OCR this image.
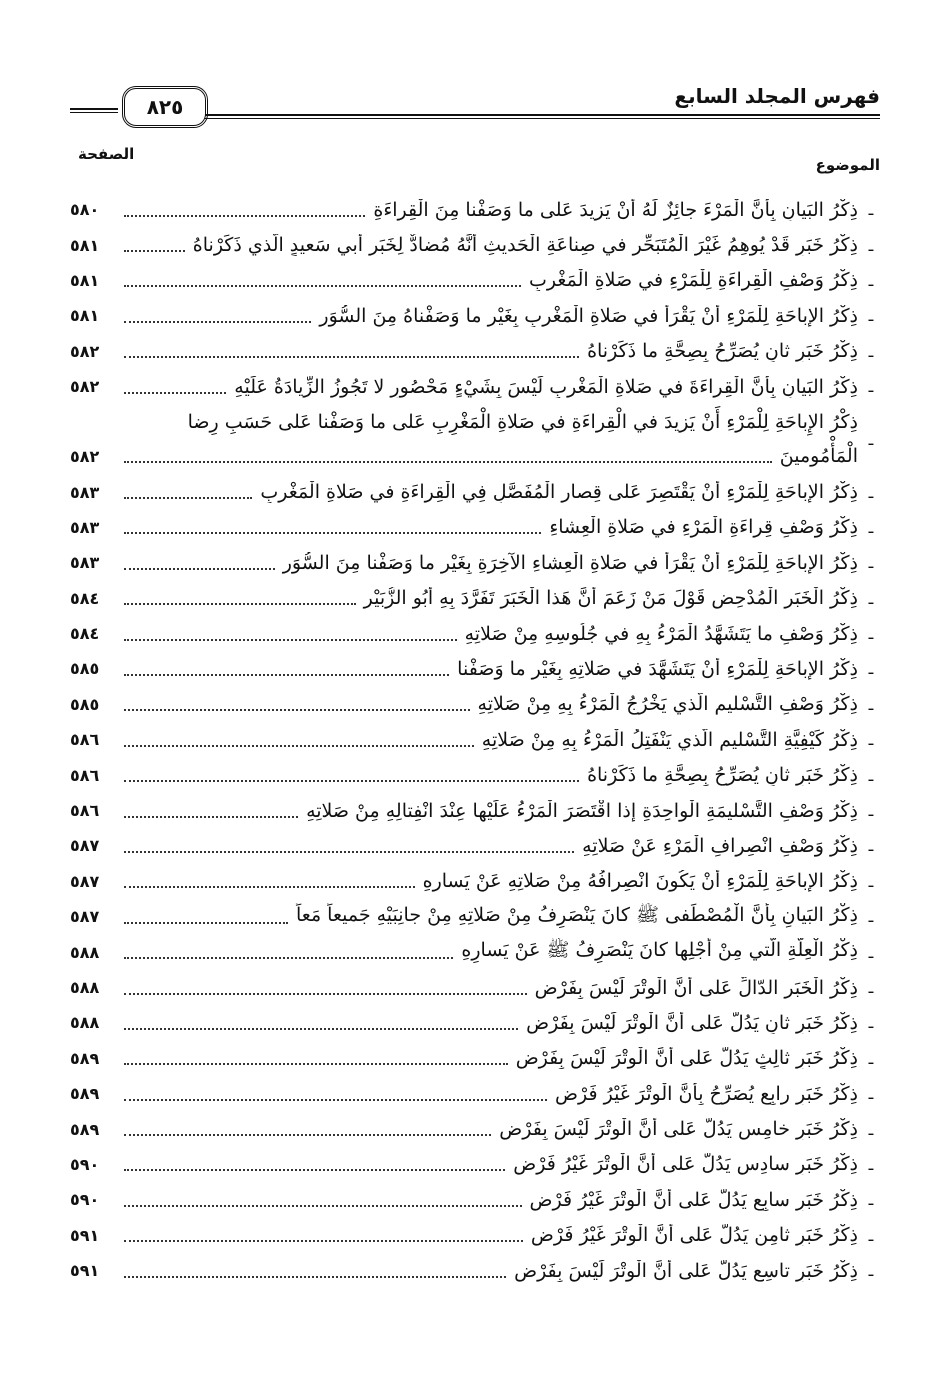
فهرس المجلد السابع
٨٢٥
الموضوع
الصفحة
ـ
ذِكْرُ البَيانِ بِأَنَّ الْمَرْءَ جائِزٌ لَهُ أَنْ يَزيدَ عَلى ما وَصَفْنا مِنَ الْقِراءَةِ
٥٨٠
ـ
ذِكْرُ خَبَرٍ قَدْ يُوهِمُ غَيْرَ الْمُتَبَحِّرِ في صِناعَةِ الْحَديثِ أَنَّهُ مُضادٌّ لِخَبَرِ أَبي سَعيدٍ الَّذي ذَكَرْناهُ
٥٨١
ـ
ذِكْرُ وَصْفِ الْقِراءَةِ لِلْمَرْءِ في صَلاةِ الْمَغْرِبِ
٥٨١
ـ
ذِكْرُ الإِباحَةِ لِلْمَرْءِ أَنْ يَقْرَأَ في صَلاةِ الْمَغْرِبِ بِغَيْرِ ما وَصَفْناهُ مِنَ السُّوَرِ
٥٨١
ـ
ذِكْرُ خَبَرٍ ثانٍ يُصَرِّحُ بِصِحَّةِ ما ذَكَرْناهُ
٥٨٢
ـ
ذِكْرُ البَيانِ بِأَنَّ الْقِراءَةَ في صَلاةِ الْمَغْرِبِ لَيْسَ بِشَيْءٍ مَحْصُورٍ لا تَجُوزُ الزِّيادَةُ عَلَيْهِ
٥٨٢
ـ
ذِكْرُ الإِباحَةِ لِلْمَرْءِ أَنْ يَزيدَ في الْقِراءَةِ في صَلاةِ الْمَغْرِبِ عَلى ما وَصَفْنا عَلى حَسَبِ رِضا
الْمَأْمُومينَ
٥٨٢
ـ
ذِكْرُ الإِباحَةِ لِلْمَرْءِ أَنْ يَقْتَصِرَ عَلى قِصارِ الْمُفَصَّلِ فِي الْقِراءَةِ في صَلاةِ الْمَغْرِبِ
٥٨٣
ـ
ذِكْرُ وَصْفِ قِراءَةِ الْمَرْءِ في صَلاةِ الْعِشاءِ
٥٨٣
ـ
ذِكْرُ الإِباحَةِ لِلْمَرْءِ أَنْ يَقْرَأَ في صَلاةِ الْعِشاءِ الآخِرَةِ بِغَيْرِ ما وَصَفْنا مِنَ السُّوَرِ
٥٨٣
ـ
ذِكْرُ الْخَبَرِ الْمُدْحِضِ قَوْلَ مَنْ زَعَمَ أَنَّ هَذا الْخَبَرَ تَفَرَّدَ بِهِ أَبُو الزُّبَيْرِ
٥٨٤
ـ
ذِكْرُ وَصْفِ ما يَتَشَهَّدُ الْمَرْءُ بِهِ في جُلُوسِهِ مِنْ صَلاتِهِ
٥٨٤
ـ
ذِكْرُ الإِباحَةِ لِلْمَرْءِ أَنْ يَتَشَهَّدَ في صَلاتِهِ بِغَيْرِ ما وَصَفْنا
٥٨٥
ـ
ذِكْرُ وَصْفِ التَّسْليمِ الَّذي يَخْرُجُ الْمَرْءُ بِهِ مِنْ صَلاتِهِ
٥٨٥
ـ
ذِكْرُ كَيْفِيَّةِ التَّسْليمِ الَّذي يَنْفَتِلُ الْمَرْءُ بِهِ مِنْ صَلاتِهِ
٥٨٦
ـ
ذِكْرُ خَبَرٍ ثانٍ يُصَرِّحُ بِصِحَّةِ ما ذَكَرْناهُ
٥٨٦
ـ
ذِكْرُ وَصْفِ التَّسْليمَةِ الْواحِدَةِ إِذا اقْتَصَرَ الْمَرْءُ عَلَيْها عِنْدَ انْفِتالِهِ مِنْ صَلاتِهِ
٥٨٦
ـ
ذِكْرُ وَصْفِ انْصِرافِ الْمَرْءِ عَنْ صَلاتِهِ
٥٨٧
ـ
ذِكْرُ الإِباحَةِ لِلْمَرْءِ أَنْ يَكُونَ انْصِرافُهُ مِنْ صَلاتِهِ عَنْ يَسارِهِ
٥٨٧
ـ
ذِكْرُ البَيانِ بِأَنَّ الْمُصْطَفى ﷺ كانَ يَنْصَرِفُ مِنْ صَلاتِهِ مِنْ جانِبَيْهِ جَميعاً مَعاً
٥٨٧
ـ
ذِكْرُ الْعِلَّةِ الَّتي مِنْ أَجْلِها كانَ يَنْصَرِفُ ﷺ عَنْ يَسارِهِ
٥٨٨
ـ
ذِكْرُ الْخَبَرِ الدّالِّ عَلى أَنَّ الْوِتْرَ لَيْسَ بِفَرْضٍ
٥٨٨
ـ
ذِكْرُ خَبَرٍ ثانٍ يَدُلُّ عَلى أَنَّ الْوِتْرَ لَيْسَ بِفَرْضٍ
٥٨٨
ـ
ذِكْرُ خَبَرٍ ثالِثٍ يَدُلُّ عَلى أَنَّ الْوِتْرَ لَيْسَ بِفَرْضٍ
٥٨٩
ـ
ذِكْرُ خَبَرٍ رابِعٍ يُصَرِّحُ بِأَنَّ الْوِتْرَ غَيْرُ فَرْضٍ
٥٨٩
ـ
ذِكْرُ خَبَرٍ خامِسٍ يَدُلُّ عَلى أَنَّ الْوِتْرَ لَيْسَ بِفَرْضٍ
٥٨٩
ـ
ذِكْرُ خَبَرٍ سادِسٍ يَدُلُّ عَلى أَنَّ الْوِتْرَ غَيْرُ فَرْضٍ
٥٩٠
ـ
ذِكْرُ خَبَرٍ سابِعٍ يَدُلُّ عَلى أَنَّ الْوِتْرَ غَيْرُ فَرْضٍ
٥٩٠
ـ
ذِكْرُ خَبَرٍ ثامِنٍ يَدُلُّ عَلى أَنَّ الْوِتْرَ غَيْرُ فَرْضٍ
٥٩١
ـ
ذِكْرُ خَبَرٍ تاسِعٍ يَدُلُّ عَلى أَنَّ الْوِتْرَ لَيْسَ بِفَرْضٍ
٥٩١
